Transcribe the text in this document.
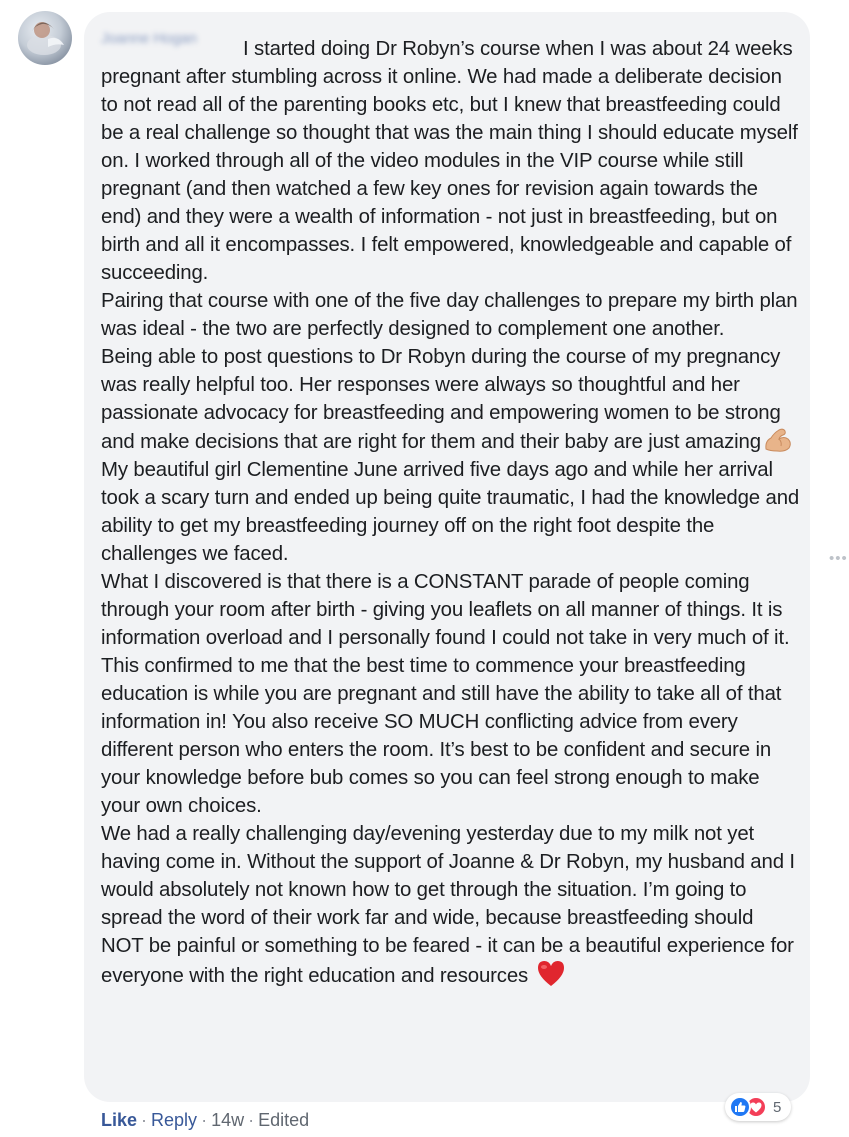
Joanne Hogan I started doing Dr Robyn’s course when I was about 24 weeks pregnant after stumbling across it online. We had made a deliberate decision to not read all of the parenting books etc, but I knew that breastfeeding could be a real challenge so thought that was the main thing I should educate myself on. I worked through all of the video modules in the VIP course while still pregnant (and then watched a few key ones for revision again towards the end) and they were a wealth of information - not just in breastfeeding, but on birth and all it encompasses. I felt empowered, knowledgeable and capable of succeeding.

Pairing that course with one of the five day challenges to prepare my birth plan was ideal - the two are perfectly designed to complement one another.

Being able to post questions to Dr Robyn during the course of my pregnancy was really helpful too. Her responses were always so thoughtful and her passionate advocacy for breastfeeding and empowering women to be strong and make decisions that are right for them and their baby are just amazing

My beautiful girl Clementine June arrived five days ago and while her arrival took a scary turn and ended up being quite traumatic, I had the knowledge and ability to get my breastfeeding journey off on the right foot despite the challenges we faced.

What I discovered is that there is a CONSTANT parade of people coming through your room after birth - giving you leaflets on all manner of things. It is information overload and I personally found I could not take in very much of it. This confirmed to me that the best time to commence your breastfeeding education is while you are pregnant and still have the ability to take all of that information in! You also receive SO MUCH conflicting advice from every different person who enters the room. It’s best to be confident and secure in your knowledge before bub comes so you can feel strong enough to make your own choices.

We had a really challenging day/evening yesterday due to my milk not yet having come in. Without the support of Joanne & Dr Robyn, my husband and I would absolutely not known how to get through the situation. I’m going to spread the word of their work far and wide, because breastfeeding should NOT be painful or something to be feared - it can be a beautiful experience for everyone with the right education and resources

•••
5
Like · Reply · 14w · Edited
